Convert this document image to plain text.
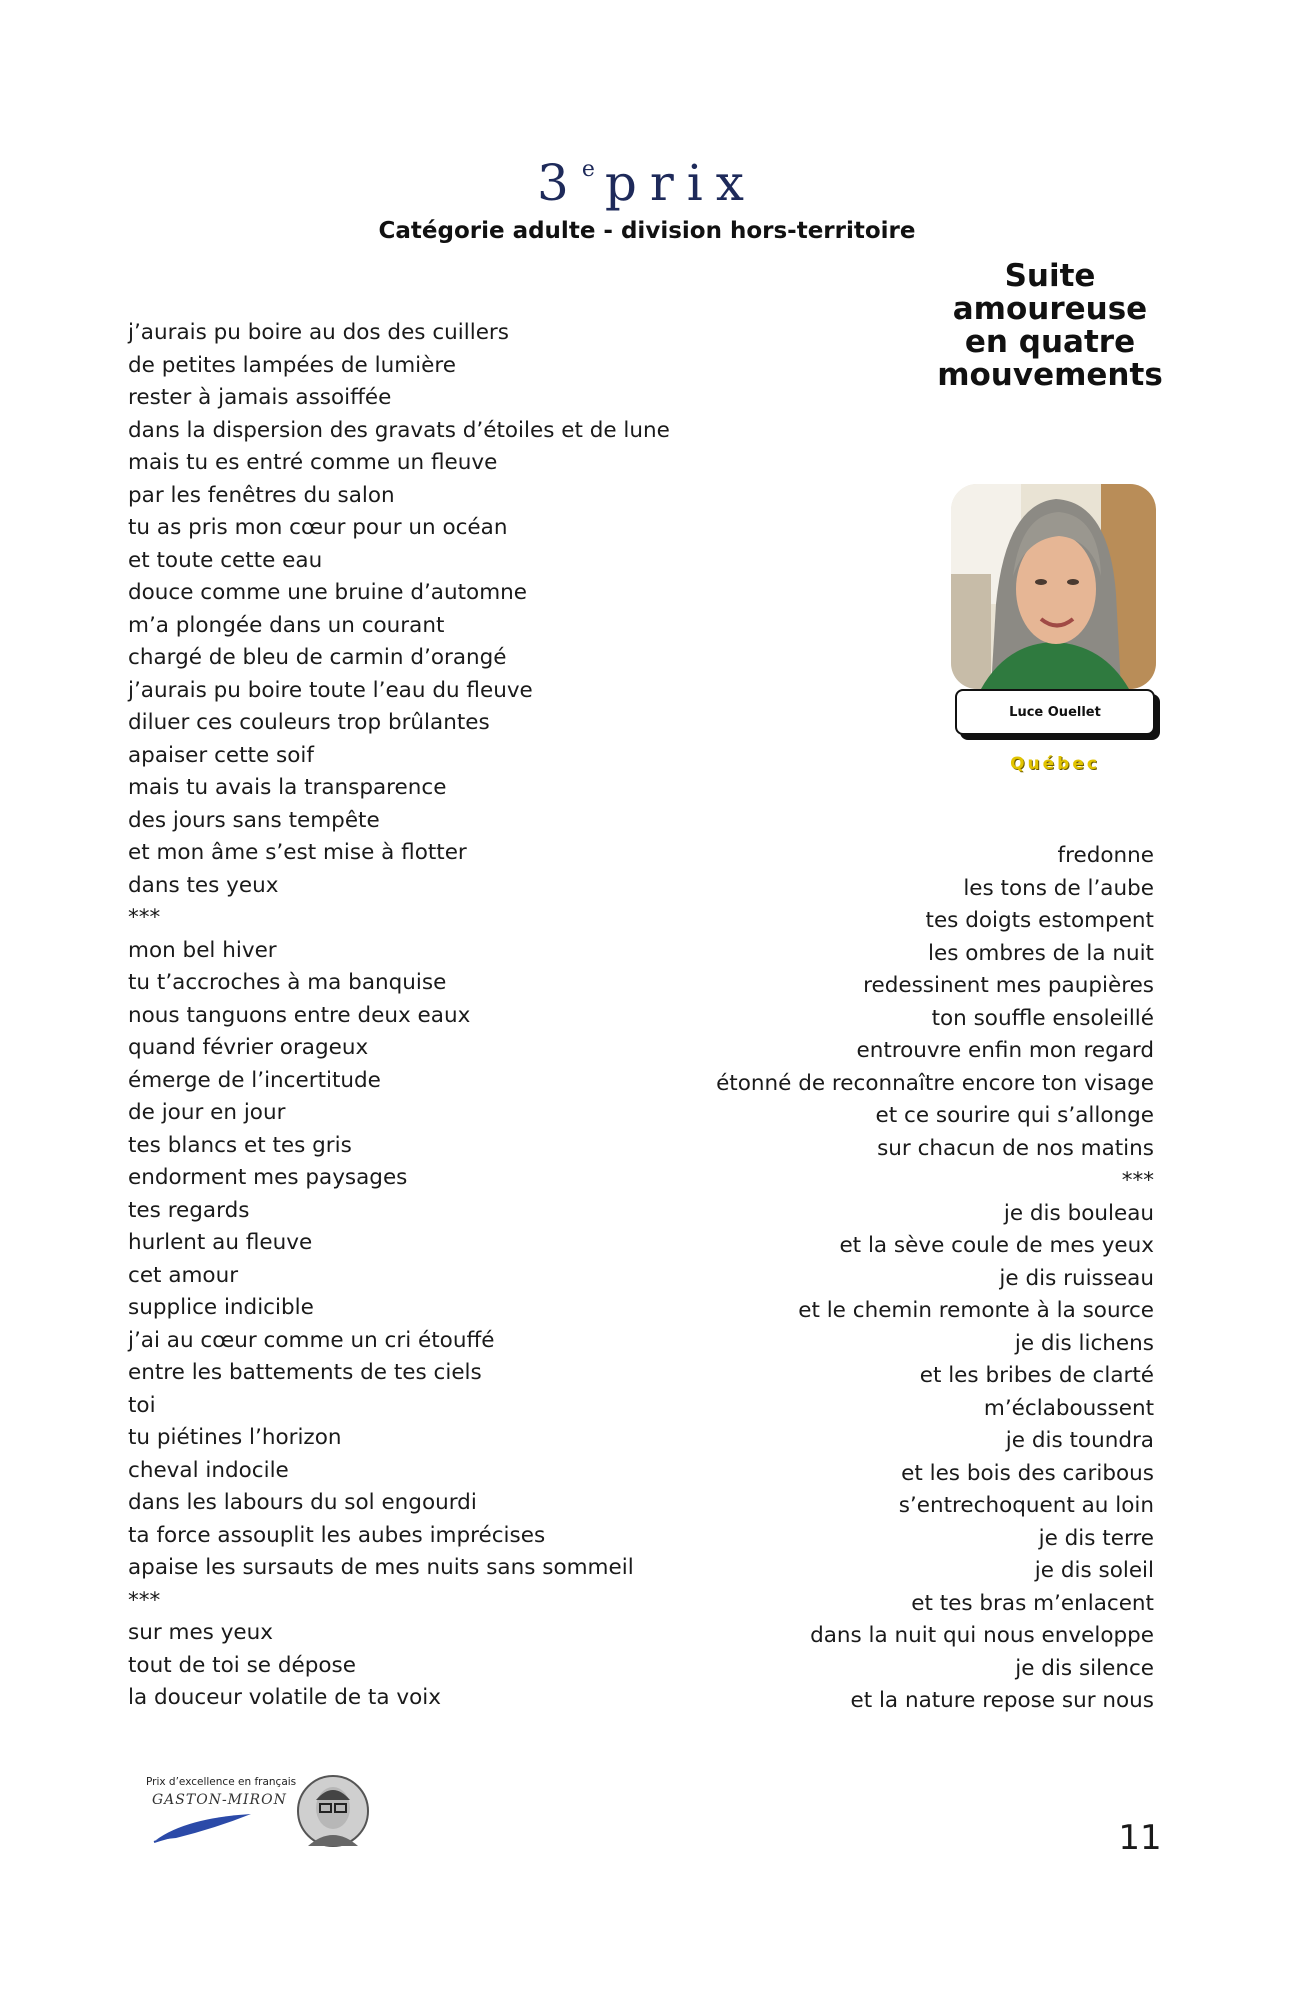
3e prix
Catégorie adulte - division hors-territoire
Suite
amoureuse
en quatre
mouvements
Luce Ouellet
Québec
j’aurais pu boire au dos des cuillers
de petites lampées de lumière
rester à jamais assoiffée
dans la dispersion des gravats d’étoiles et de lune
mais tu es entré comme un fleuve
par les fenêtres du salon
tu as pris mon cœur pour un océan
et toute cette eau
douce comme une bruine d’automne
m’a plongée dans un courant
chargé de bleu de carmin d’orangé
j’aurais pu boire toute l’eau du fleuve
diluer ces couleurs trop brûlantes
apaiser cette soif
mais tu avais la transparence
des jours sans tempête
et mon âme s’est mise à flotter
dans tes yeux
***
mon bel hiver
tu t’accroches à ma banquise
nous tanguons entre deux eaux
quand février orageux
émerge de l’incertitude
de jour en jour
tes blancs et tes gris
endorment mes paysages
tes regards
hurlent au fleuve
cet amour
supplice indicible
j’ai au cœur comme un cri étouffé
entre les battements de tes ciels
toi
tu piétines l’horizon
cheval indocile
dans les labours du sol engourdi
ta force assouplit les aubes imprécises
apaise les sursauts de mes nuits sans sommeil
***
sur mes yeux
tout de toi se dépose
la douceur volatile de ta voix
fredonne
les tons de l’aube
tes doigts estompent
les ombres de la nuit
redessinent mes paupières
ton souffle ensoleillé
entrouvre enfin mon regard
étonné de reconnaître encore ton visage
et ce sourire qui s’allonge
sur chacun de nos matins
***
je dis bouleau
et la sève coule de mes yeux
je dis ruisseau
et le chemin remonte à la source
je dis lichens
et les bribes de clarté
m’éclaboussent
je dis toundra
et les bois des caribous
s’entrechoquent au loin
je dis terre
je dis soleil
et tes bras m’enlacent
dans la nuit qui nous enveloppe
je dis silence
et la nature repose sur nous
Prix d’excellence en français
GASTON-MIRON
11
